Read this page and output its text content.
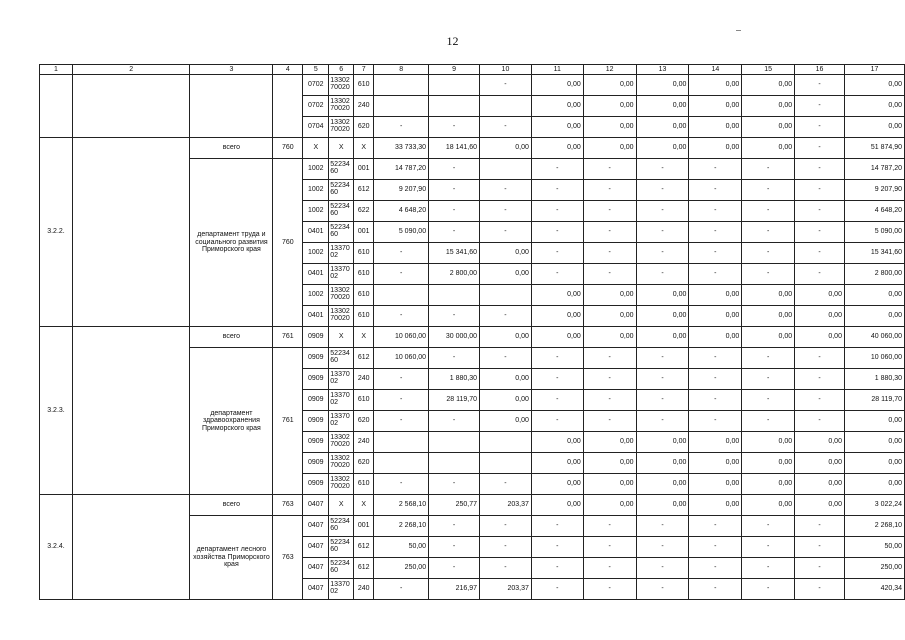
12
1	2	3	4	5	6	7	8	9	10	11	12	13	14	15	16	17
				0702	1330270020	610			-	0,00	0,00	0,00	0,00	0,00	-	0,00
				0702	1330270020	240				0,00	0,00	0,00	0,00	0,00	-	0,00
				0704	1330270020	620	-	-	-	0,00	0,00	0,00	0,00	0,00	-	0,00
3.2.2.		всего	760	X	X	X	33 733,30	18 141,60	0,00	0,00	0,00	0,00	0,00	0,00	-	51 874,90
		департамент труда и социального развития Приморского края	760	1002	5223460	001	14 787,20	-		-	-	-	-	-	-	14 787,20
				1002	5223460	612	9 207,90	-	-	-	-	-	-	-	-	9 207,90
				1002	5223460	622	4 648,20	-	-	-	-	-	-	-	-	4 648,20
				0401	5223460	001	5 090,00	-	-	-	-	-	-	-	-	5 090,00
				1002	1337002	610	-	15 341,60	0,00	-	-	-	-	-	-	15 341,60
				0401	1337002	610	-	2 800,00	0,00	-	-	-	-	-	-	2 800,00
				1002	1330270020	610				0,00	0,00	0,00	0,00	0,00	0,00	0,00
				0401	1330270020	610	-	-	-	0,00	0,00	0,00	0,00	0,00	0,00	0,00
3.2.3.		всего	761	0909	X	X	10 060,00	30 000,00	0,00	0,00	0,00	0,00	0,00	0,00	0,00	40 060,00
		департамент здравоохранения Приморского края	761	0909	5223460	612	10 060,00	-	-	-	-	-	-	-	-	10 060,00
				0909	1337002	240	-	1 880,30	0,00	-	-	-	-	-	-	1 880,30
				0909	1337002	610	-	28 119,70	0,00	-	-	-	-	-	-	28 119,70
				0909	1337002	620	-	-	0,00	-	-	-	-	-	-	0,00
				0909	1330270020	240				0,00	0,00	0,00	0,00	0,00	0,00	0,00
				0909	1330270020	620				0,00	0,00	0,00	0,00	0,00	0,00	0,00
				0909	1330270020	610	-	-	-	0,00	0,00	0,00	0,00	0,00	0,00	0,00
3.2.4.		всего	763	0407	X	X	2 568,10	250,77	203,37	0,00	0,00	0,00	0,00	0,00	0,00	3 022,24
		департамент лесного хозяйства Приморского края	763	0407	5223460	001	2 268,10	-	-	-	-	-	-	-	-	2 268,10
				0407	5223460	612	50,00	-	-	-	-	-	-	-	-	50,00
				0407	5223460	612	250,00	-	-	-	-	-	-	-	-	250,00
				0407	1337002	240	-	216,97	203,37	-	-	-	-	-	-	420,34
